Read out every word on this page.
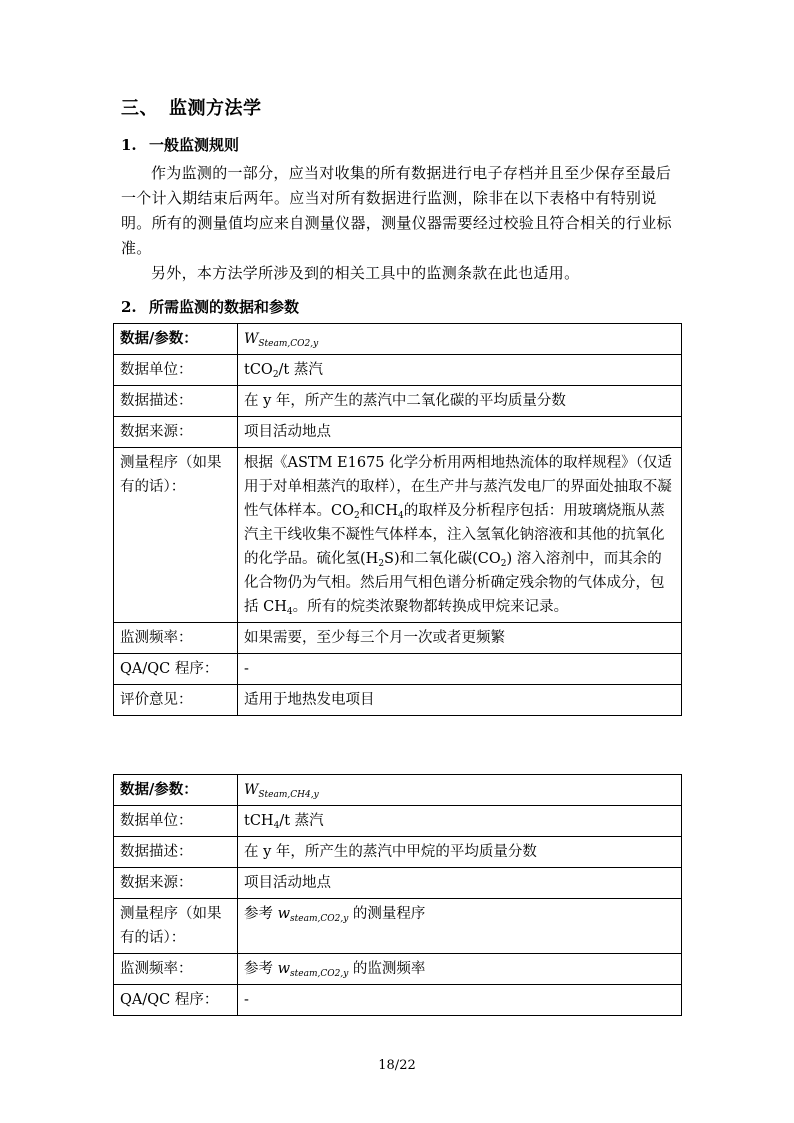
三、 监测方法学
1. 一般监测规则

作为监测的一部分，应当对收集的所有数据进行电子存档并且至少保存至最后一个计入期结束后两年。应当对所有数据进行监测，除非在以下表格中有特别说明。所有的测量值均应来自测量仪器，测量仪器需要经过校验且符合相关的行业标准。

另外，本方法学所涉及到的相关工具中的监测条款在此也适用。

2. 所需监测的数据和参数
数据/参数：	$W_{Steam,CO2,y}$
数据单位：	tCO$_2$/t 蒸汽
数据描述：	在 y 年，所产生的蒸汽中二氧化碳的平均质量分数
数据来源：	项目活动地点
测量程序（如果有的话）：	根据《ASTM E1675 化学分析用两相地热流体的取样规程》（仅适用于对单相蒸汽的取样），在生产井与蒸汽发电厂的界面处抽取不凝性气体样本。$CO_2$和$CH_4$的取样及分析程序包括：用玻璃烧瓶从蒸汽主干线收集不凝性气体样本，注入氢氧化钠溶液和其他的抗氧化的化学品。硫化氢$(H_2S)$和二氧化碳$(CO_2)$ 溶入溶剂中，而其余的化合物仍为气相。然后用气相色谱分析确定残余物的气体成分，包括 $CH_4$。所有的烷类浓聚物都转换成甲烷来记录。
监测频率：	如果需要，至少每三个月一次或者更频繁
QA/QC 程序：	-
评价意见：	适用于地热发电项目
数据/参数：	$W_{Steam,CH4,y}$
数据单位：	tCH$_4$/t 蒸汽
数据描述：	在 y 年，所产生的蒸汽中甲烷的平均质量分数
数据来源：	项目活动地点
测量程序（如果有的话）：	参考 $w_{steam,CO2,y}$ 的测量程序
监测频率：	参考 $w_{steam,CO2,y}$ 的监测频率
QA/QC 程序：	-
18/22
